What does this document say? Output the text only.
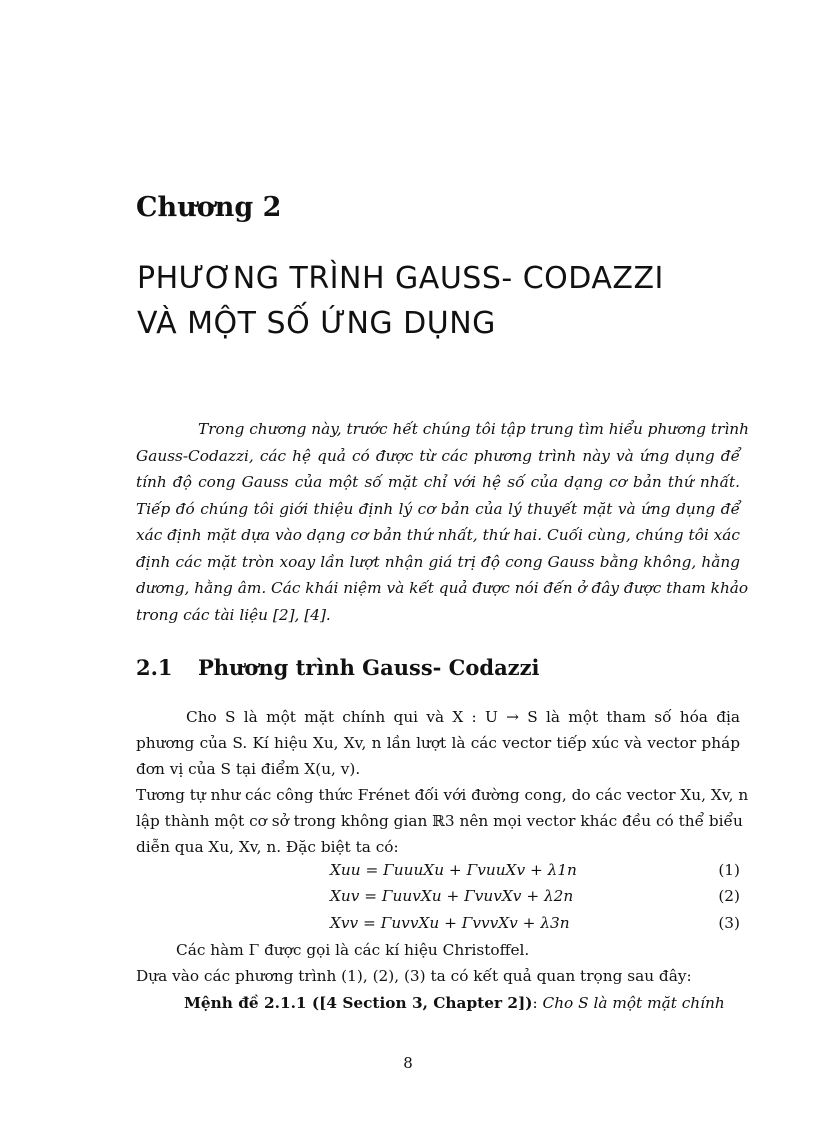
Chương 2
PHƯƠNG TRÌNH GAUSS- CODAZZI
VÀ MỘT SỐ ỨNG DỤNG
Trong chương này, trước hết chúng tôi tập trung tìm hiểu phương trình
Gauss-Codazzi, các hệ quả có được từ các phương trình này và ứng dụng để
tính độ cong Gauss của một số mặt chỉ với hệ số của dạng cơ bản thứ nhất.
Tiếp đó chúng tôi giới thiệu định lý cơ bản của lý thuyết mặt và ứng dụng để
xác định mặt dựa vào dạng cơ bản thứ nhất, thứ hai. Cuối cùng, chúng tôi xác
định các mặt tròn xoay lần lượt nhận giá trị độ cong Gauss bằng không, hằng
dương, hằng âm. Các khái niệm và kết quả được nói đến ở đây được tham khảo
trong các tài liệu [2], [4].
2.1 Phương trình Gauss- Codazzi
Cho S là một mặt chính qui và X : U → S là một tham số hóa địa
phương của S. Kí hiệu Xu, Xv, n lần lượt là các vector tiếp xúc và vector pháp
đơn vị của S tại điểm X(u, v).
Tương tự như các công thức Frénet đối với đường cong, do các vector Xu, Xv, n
lập thành một cơ sở trong không gian ℝ3 nên mọi vector khác đều có thể biểu
diễn qua Xu, Xv, n. Đặc biệt ta có:
Xuu = ΓuuuXu + ΓvuuXv + λ1n	(1)
Xuv = ΓuuvXu + ΓvuvXv + λ2n	(2)
Xvv = ΓuvvXu + ΓvvvXv + λ3n	(3)
Các hàm Γ được gọi là các kí hiệu Christoffel.
Dựa vào các phương trình (1), (2), (3) ta có kết quả quan trọng sau đây:
Mệnh đề 2.1.1 ([4 Section 3, Chapter 2]): Cho S là một mặt chính
8
